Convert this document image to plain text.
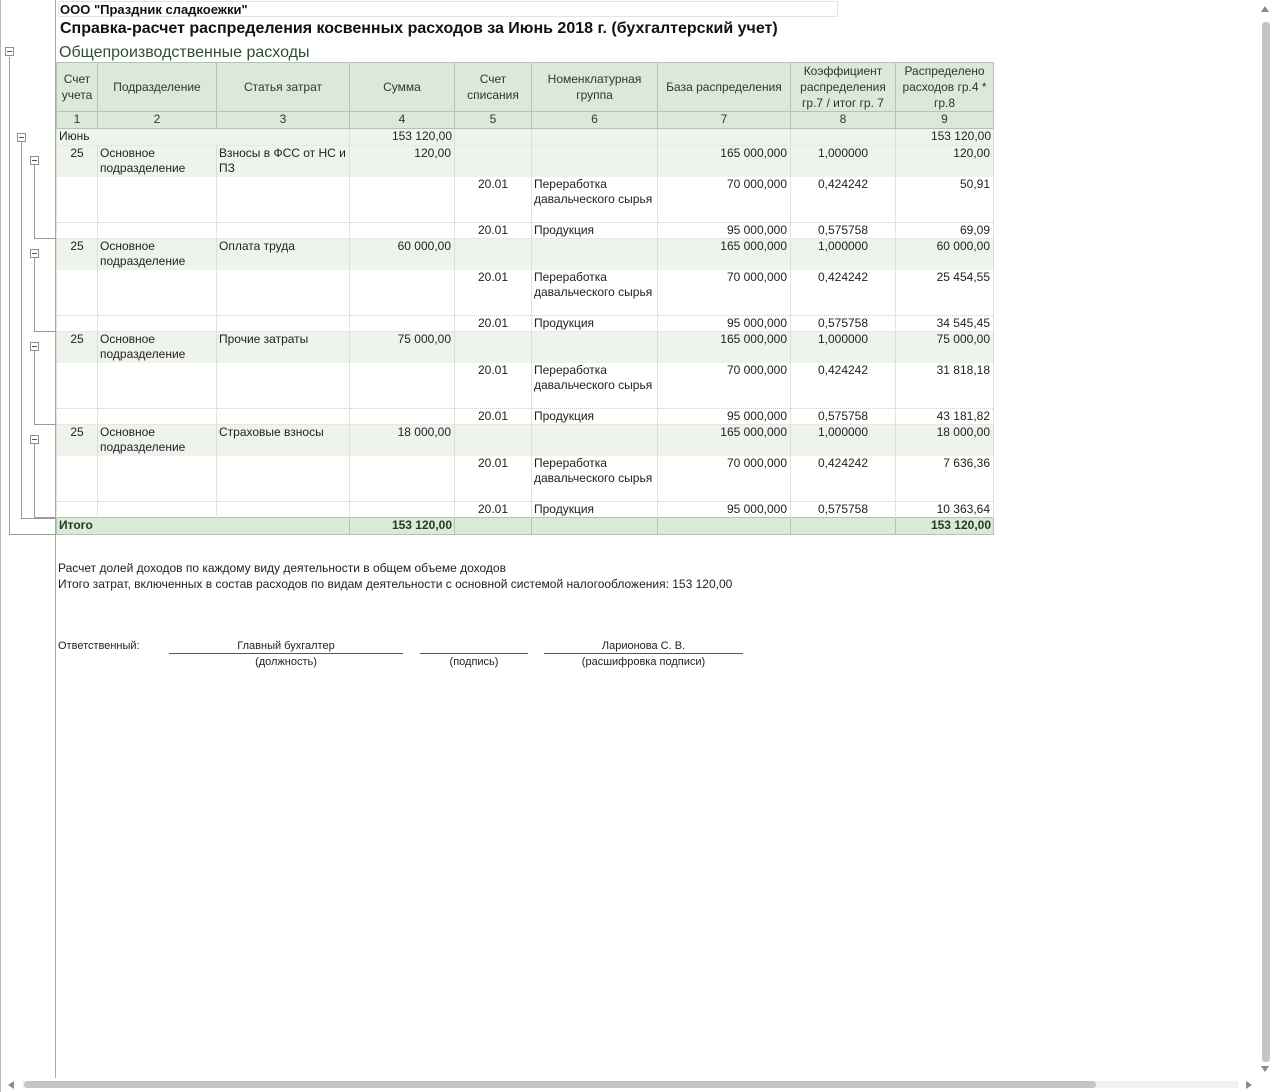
ООО "Праздник сладкоежки"
Справка-расчет распределения косвенных расходов за Июнь 2018 г. (бухгалтерский учет)
Общепроизводственные расходы
Счет учета	Подразделение	Статья затрат	Сумма	Счет списания	Номенклатурная группа	База распределения	Коэффициент распределения гр.7 / итог гр. 7	Распределено расходов гр.4 * гр.8
1	2	3	4	5	6	7	8	9
Июнь			153 120,00					153 120,00
25	Основное подразделение	Взносы в ФСС от НС и ПЗ	120,00			165 000,000	1,000000	120,00
				20.01	Переработка давальческого сырья	70 000,000	0,424242	50,91
				20.01	Продукция	95 000,000	0,575758	69,09
25	Основное подразделение	Оплата труда	60 000,00			165 000,000	1,000000	60 000,00
				20.01	Переработка давальческого сырья	70 000,000	0,424242	25 454,55
				20.01	Продукция	95 000,000	0,575758	34 545,45
25	Основное подразделение	Прочие затраты	75 000,00			165 000,000	1,000000	75 000,00
				20.01	Переработка давальческого сырья	70 000,000	0,424242	31 818,18
				20.01	Продукция	95 000,000	0,575758	43 181,82
25	Основное подразделение	Страховые взносы	18 000,00			165 000,000	1,000000	18 000,00
				20.01	Переработка давальческого сырья	70 000,000	0,424242	7 636,36
				20.01	Продукция	95 000,000	0,575758	10 363,64
Итого			153 120,00					153 120,00
Расчет долей доходов по каждому виду деятельности в общем объеме доходов
Итого затрат, включенных в состав расходов по видам деятельности с основной системой налогообложения: 153 120,00
Ответственный:	Главный бухгалтер
(должность)	(подпись)
Ларионова С. В.
(расшифровка подписи)
